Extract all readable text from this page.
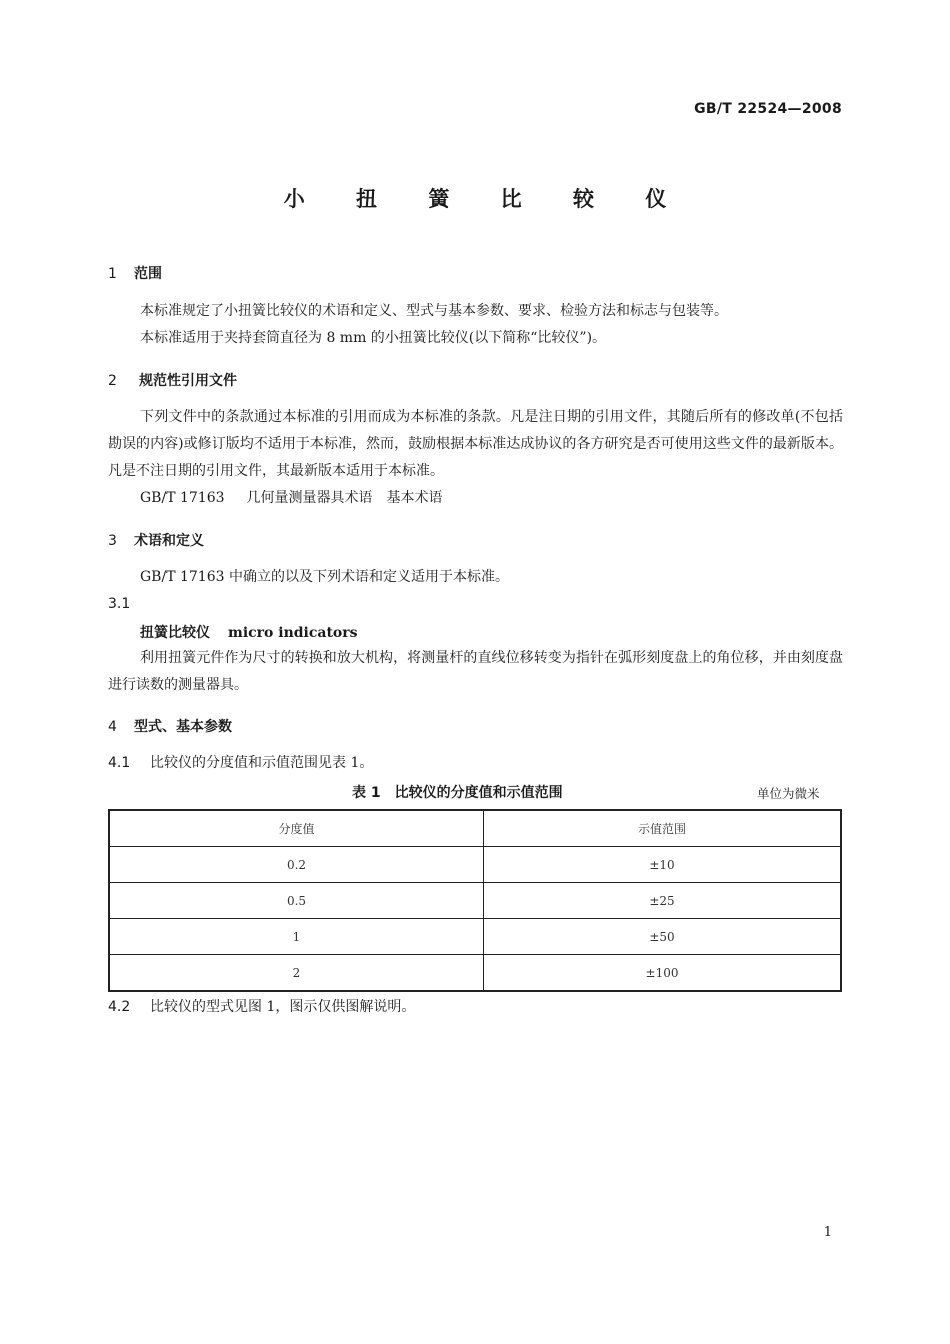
GB/T 22524—2008
小 扭 簧 比 较 仪
1 范围
本标准规定了小扭簧比较仪的术语和定义、型式与基本参数、要求、检验方法和标志与包装等。
本标准适用于夹持套筒直径为 8 mm 的小扭簧比较仪(以下简称“比较仪”)。
2 规范性引用文件
下列文件中的条款通过本标准的引用而成为本标准的条款。凡是注日期的引用文件，其随后所有的修改单(不包括勘误的内容)或修订版均不适用于本标准，然而，鼓励根据本标准达成协议的各方研究是否可使用这些文件的最新版本。凡是不注日期的引用文件，其最新版本适用于本标准。
GB/T 17163 几何量测量器具术语　基本术语
3 术语和定义
GB/T 17163 中确立的以及下列术语和定义适用于本标准。
3.1
扭簧比较仪 micro indicators
利用扭簧元件作为尺寸的转换和放大机构，将测量杆的直线位移转变为指针在弧形刻度盘上的角位移，并由刻度盘进行读数的测量器具。
4 型式、基本参数
4.1 比较仪的分度值和示值范围见表 1。
表 1　比较仪的分度值和示值范围	单位为微米
分度值	示值范围
0.2	±10
0.5	±25
1	±50
2	±100
4.2 比较仪的型式见图 1，图示仅供图解说明。
1
